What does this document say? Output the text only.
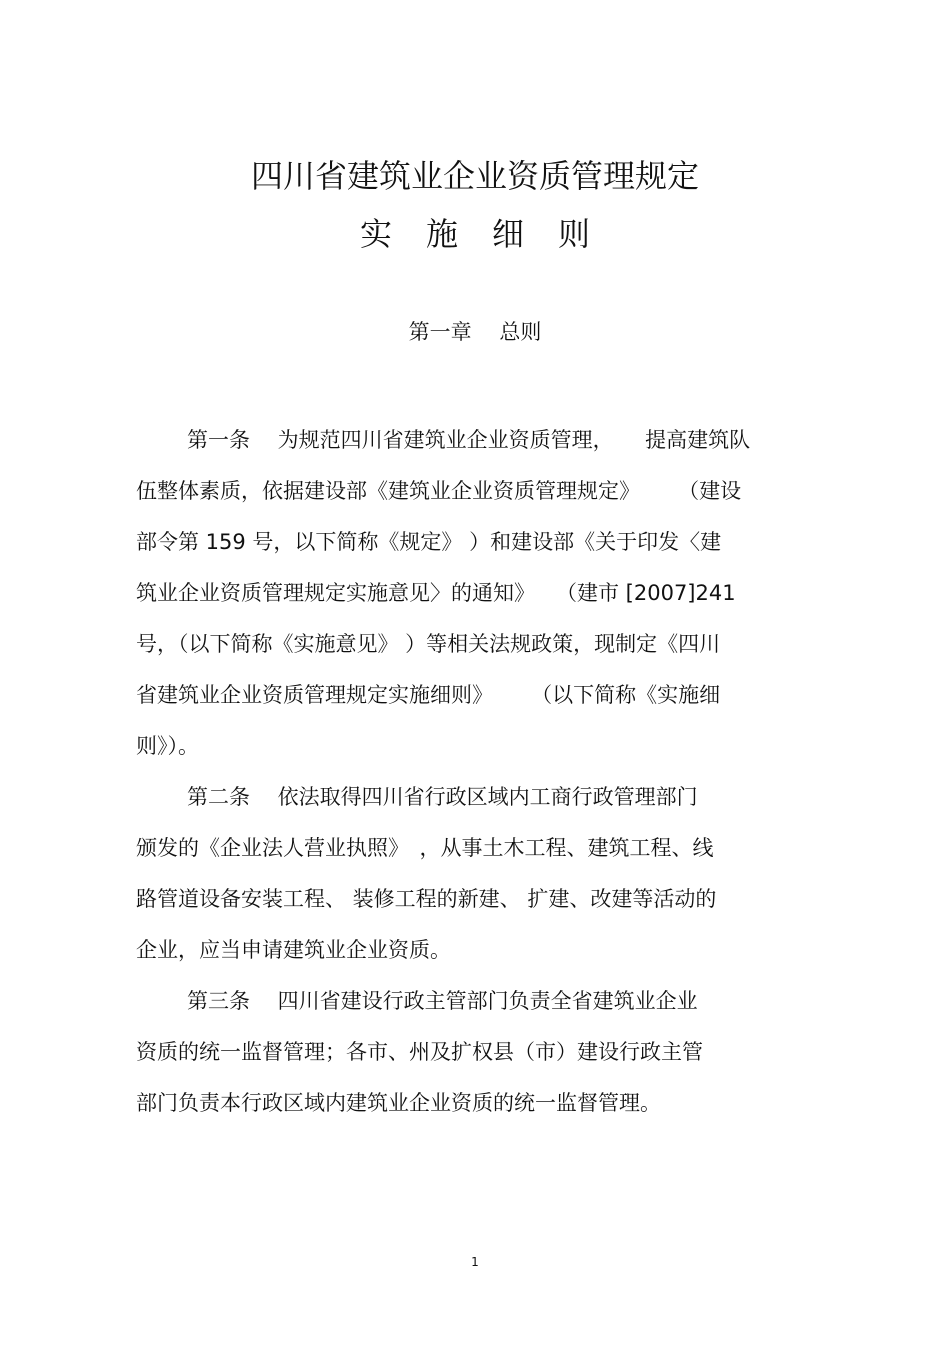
四川省建筑业企业资质管理规定
实施细则
第一章　 总则
第一条　 为规范四川省建筑业企业资质管理，　　提高建筑队
伍整体素质，依据建设部《建筑业企业资质管理规定》　　 （建设
部令第 159 号，以下简称《规定》 ）和建设部《关于印发〈建
筑业企业资质管理规定实施意见〉的通知》　　（建市 [2007]241
号，（以下简称《实施意见》 ）等相关法规政策，现制定《四川
省建筑业企业资质管理规定实施细则》　　 （以下简称《实施细
则》）。
第二条　 依法取得四川省行政区域内工商行政管理部门
颁发的《企业法人营业执照》　，从事土木工程、建筑工程、线
路管道设备安装工程、 装修工程的新建、 扩建、改建等活动的
企业，应当申请建筑业企业资质。
第三条　 四川省建设行政主管部门负责全省建筑业企业
资质的统一监督管理；各市、州及扩权县（市）建设行政主管
部门负责本行政区域内建筑业企业资质的统一监督管理。
1
